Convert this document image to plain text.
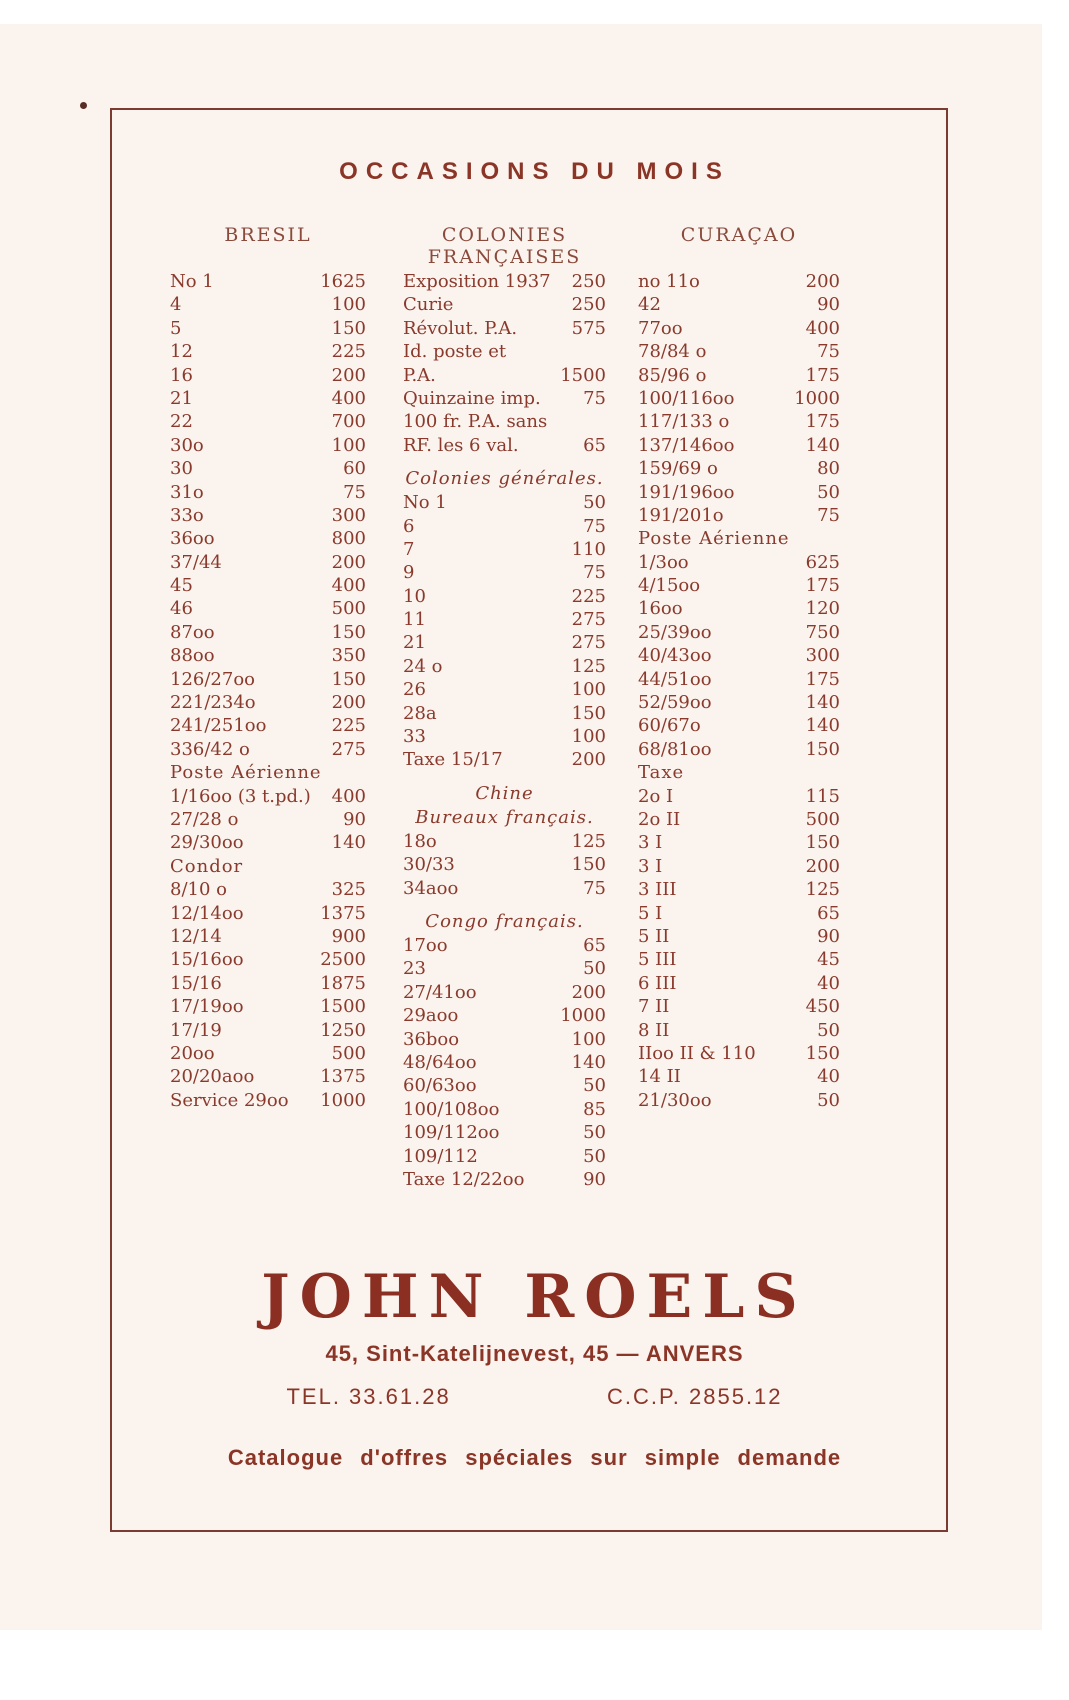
OCCASIONS DU MOIS
BRESIL
No 1	1625
4	100
5	150
12	225
16	200
21	400
22	700
30o	100
30	60
31o	75
33o	300
36oo	800
37/44	200
45	400
46	500
87oo	150
88oo	350
126/27oo	150
221/234o	200
241/251oo	225
336/42 o	275
Poste Aérienne
1/16oo (3 t.pd.) 400
27/28 o	90
29/30oo	140
Condor
8/10 o	325
12/14oo	1375
12/14	900
15/16oo	2500
15/16	1875
17/19oo	1500
17/19	1250
20oo	500
20/20aoo	1375
Service 29oo 1000
COLONIES
FRANÇAISES
Exposition 1937 250
Curie	250
Révolut. P.A.	575
Id. poste et
P.A.	1500
Quinzaine imp. 75
100 fr. P.A. sans
RF. les 6 val.	65
Colonies générales.
No 1	50
6	75
7	110
9	75
10	225
11	275
21	275
24 o	125
26	100
28a	150
33	100
Taxe 15/17	200
Chine
Bureaux français.
18o	125
30/33	150
34aoo	75
Congo français.
17oo	65
23	50
27/41oo	200
29aoo	1000
36boo	100
48/64oo	140
60/63oo	50
100/108oo	85
109/112oo	50
109/112	50
Taxe 12/22oo	90
CURAÇAO
no 11o	200
42	90
77oo	400
78/84 o	75
85/96 o	175
100/116oo	1000
117/133 o	175
137/146oo	140
159/69 o	80
191/196oo	50
191/201o	75
Poste Aérienne
1/3oo	625
4/15oo	175
16oo	120
25/39oo	750
40/43oo	300
44/51oo	175
52/59oo	140
60/67o	140
68/81oo	150
Taxe
2o I	115
2o II	500
3 I	150
3 I	200
3 III	125
5 I	65
5 II	90
5 III	45
6 III	40
7 II	450
8 II	50
IIoo II & 110	150
14 II	40
21/30oo	50
JOHN ROELS
45, Sint-Katelijnevest, 45 — ANVERS
TEL. 33.61.28	C.C.P. 2855.12
Catalogue d'offres spéciales sur simple demande
